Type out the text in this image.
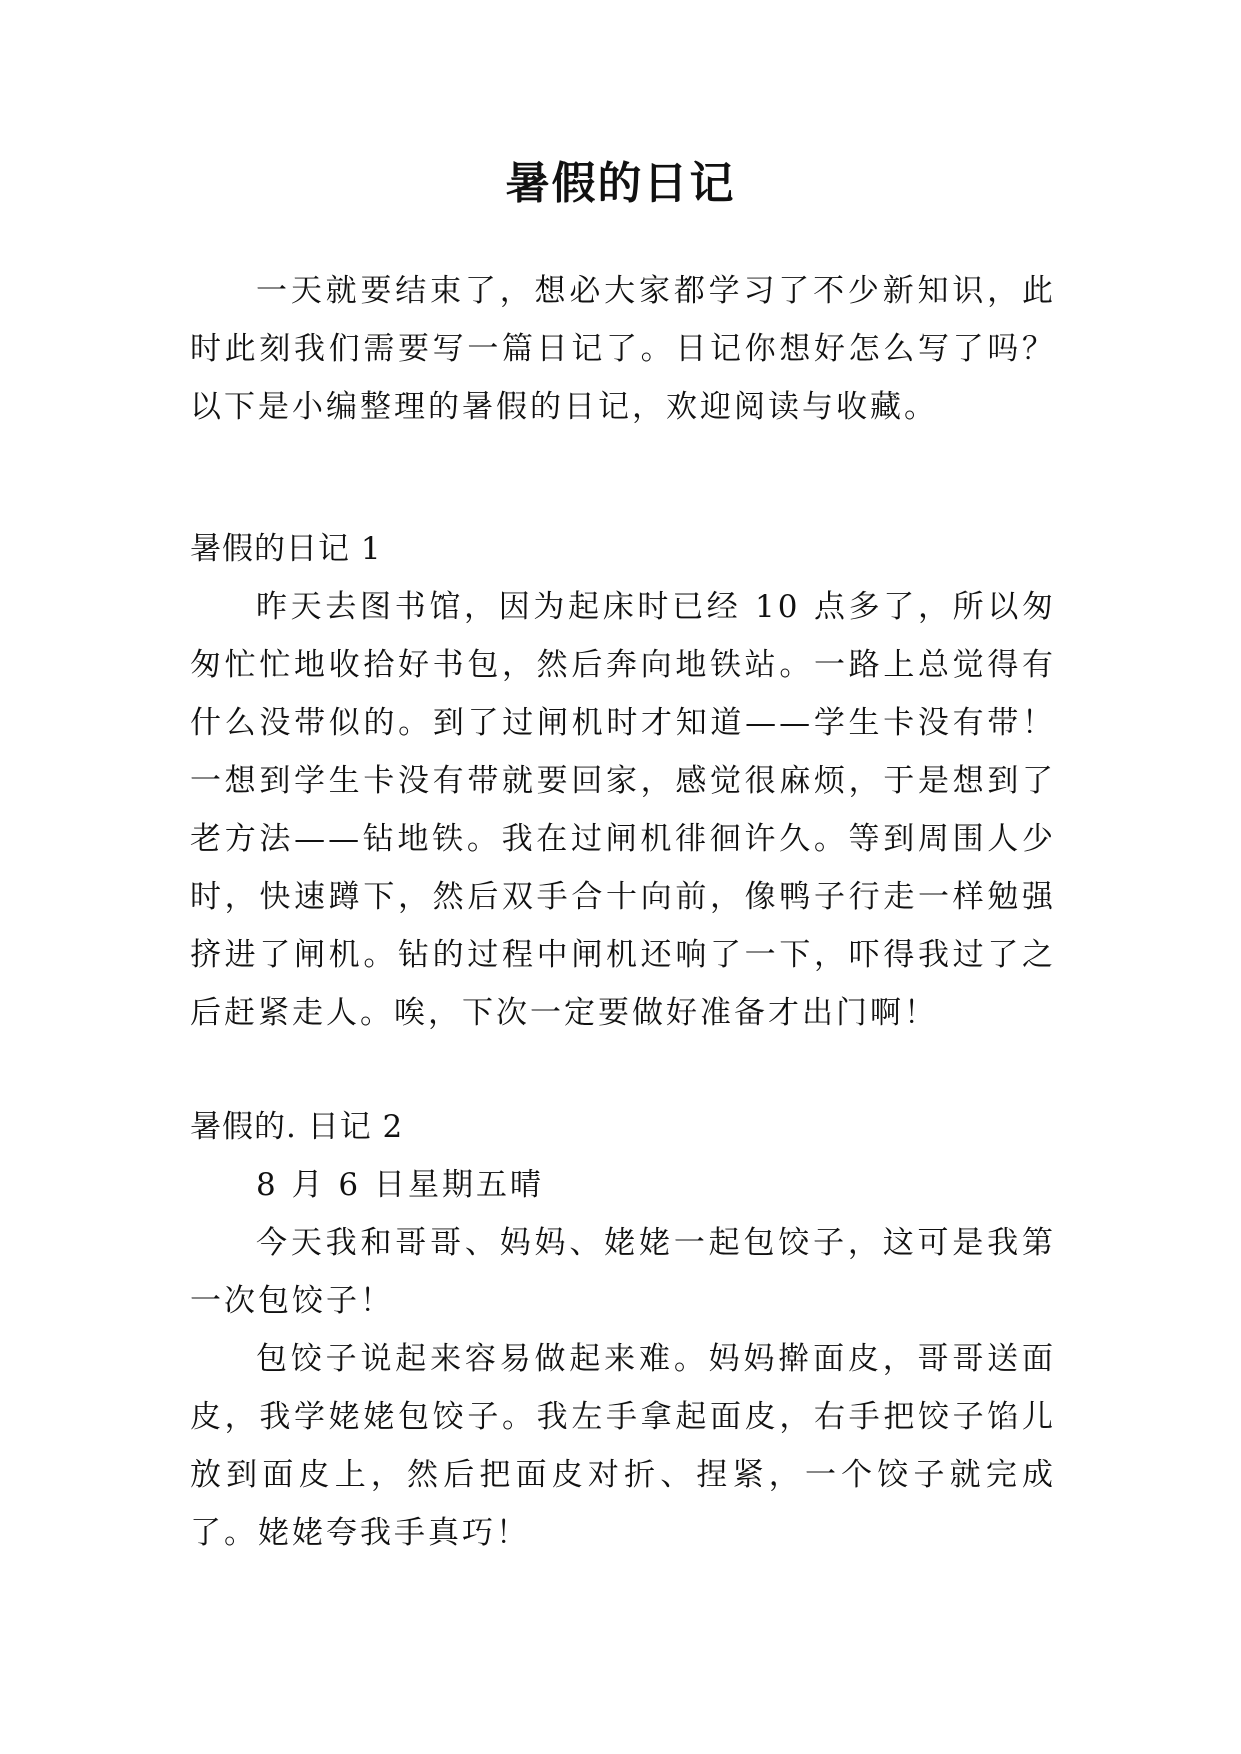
暑假的日记

一天就要结束了，想必大家都学习了不少新知识，此时此刻我们需要写一篇日记了。日记你想好怎么写了吗？以下是小编整理的暑假的日记，欢迎阅读与收藏。

暑假的日记 1

昨天去图书馆，因为起床时已经 10 点多了，所以匆匆忙忙地收拾好书包，然后奔向地铁站。一路上总觉得有什么没带似的。到了过闸机时才知道——学生卡没有带！一想到学生卡没有带就要回家，感觉很麻烦，于是想到了老方法——钻地铁。我在过闸机徘徊许久。等到周围人少时，快速蹲下，然后双手合十向前，像鸭子行走一样勉强挤进了闸机。钻的过程中闸机还响了一下，吓得我过了之后赶紧走人。唉，下次一定要做好准备才出门啊！

暑假的. 日记 2

8 月 6 日星期五晴

今天我和哥哥、妈妈、姥姥一起包饺子，这可是我第一次包饺子！

包饺子说起来容易做起来难。妈妈擀面皮，哥哥送面皮，我学姥姥包饺子。我左手拿起面皮，右手把饺子馅儿放到面皮上，然后把面皮对折、捏紧，一个饺子就完成了。姥姥夸我手真巧！
